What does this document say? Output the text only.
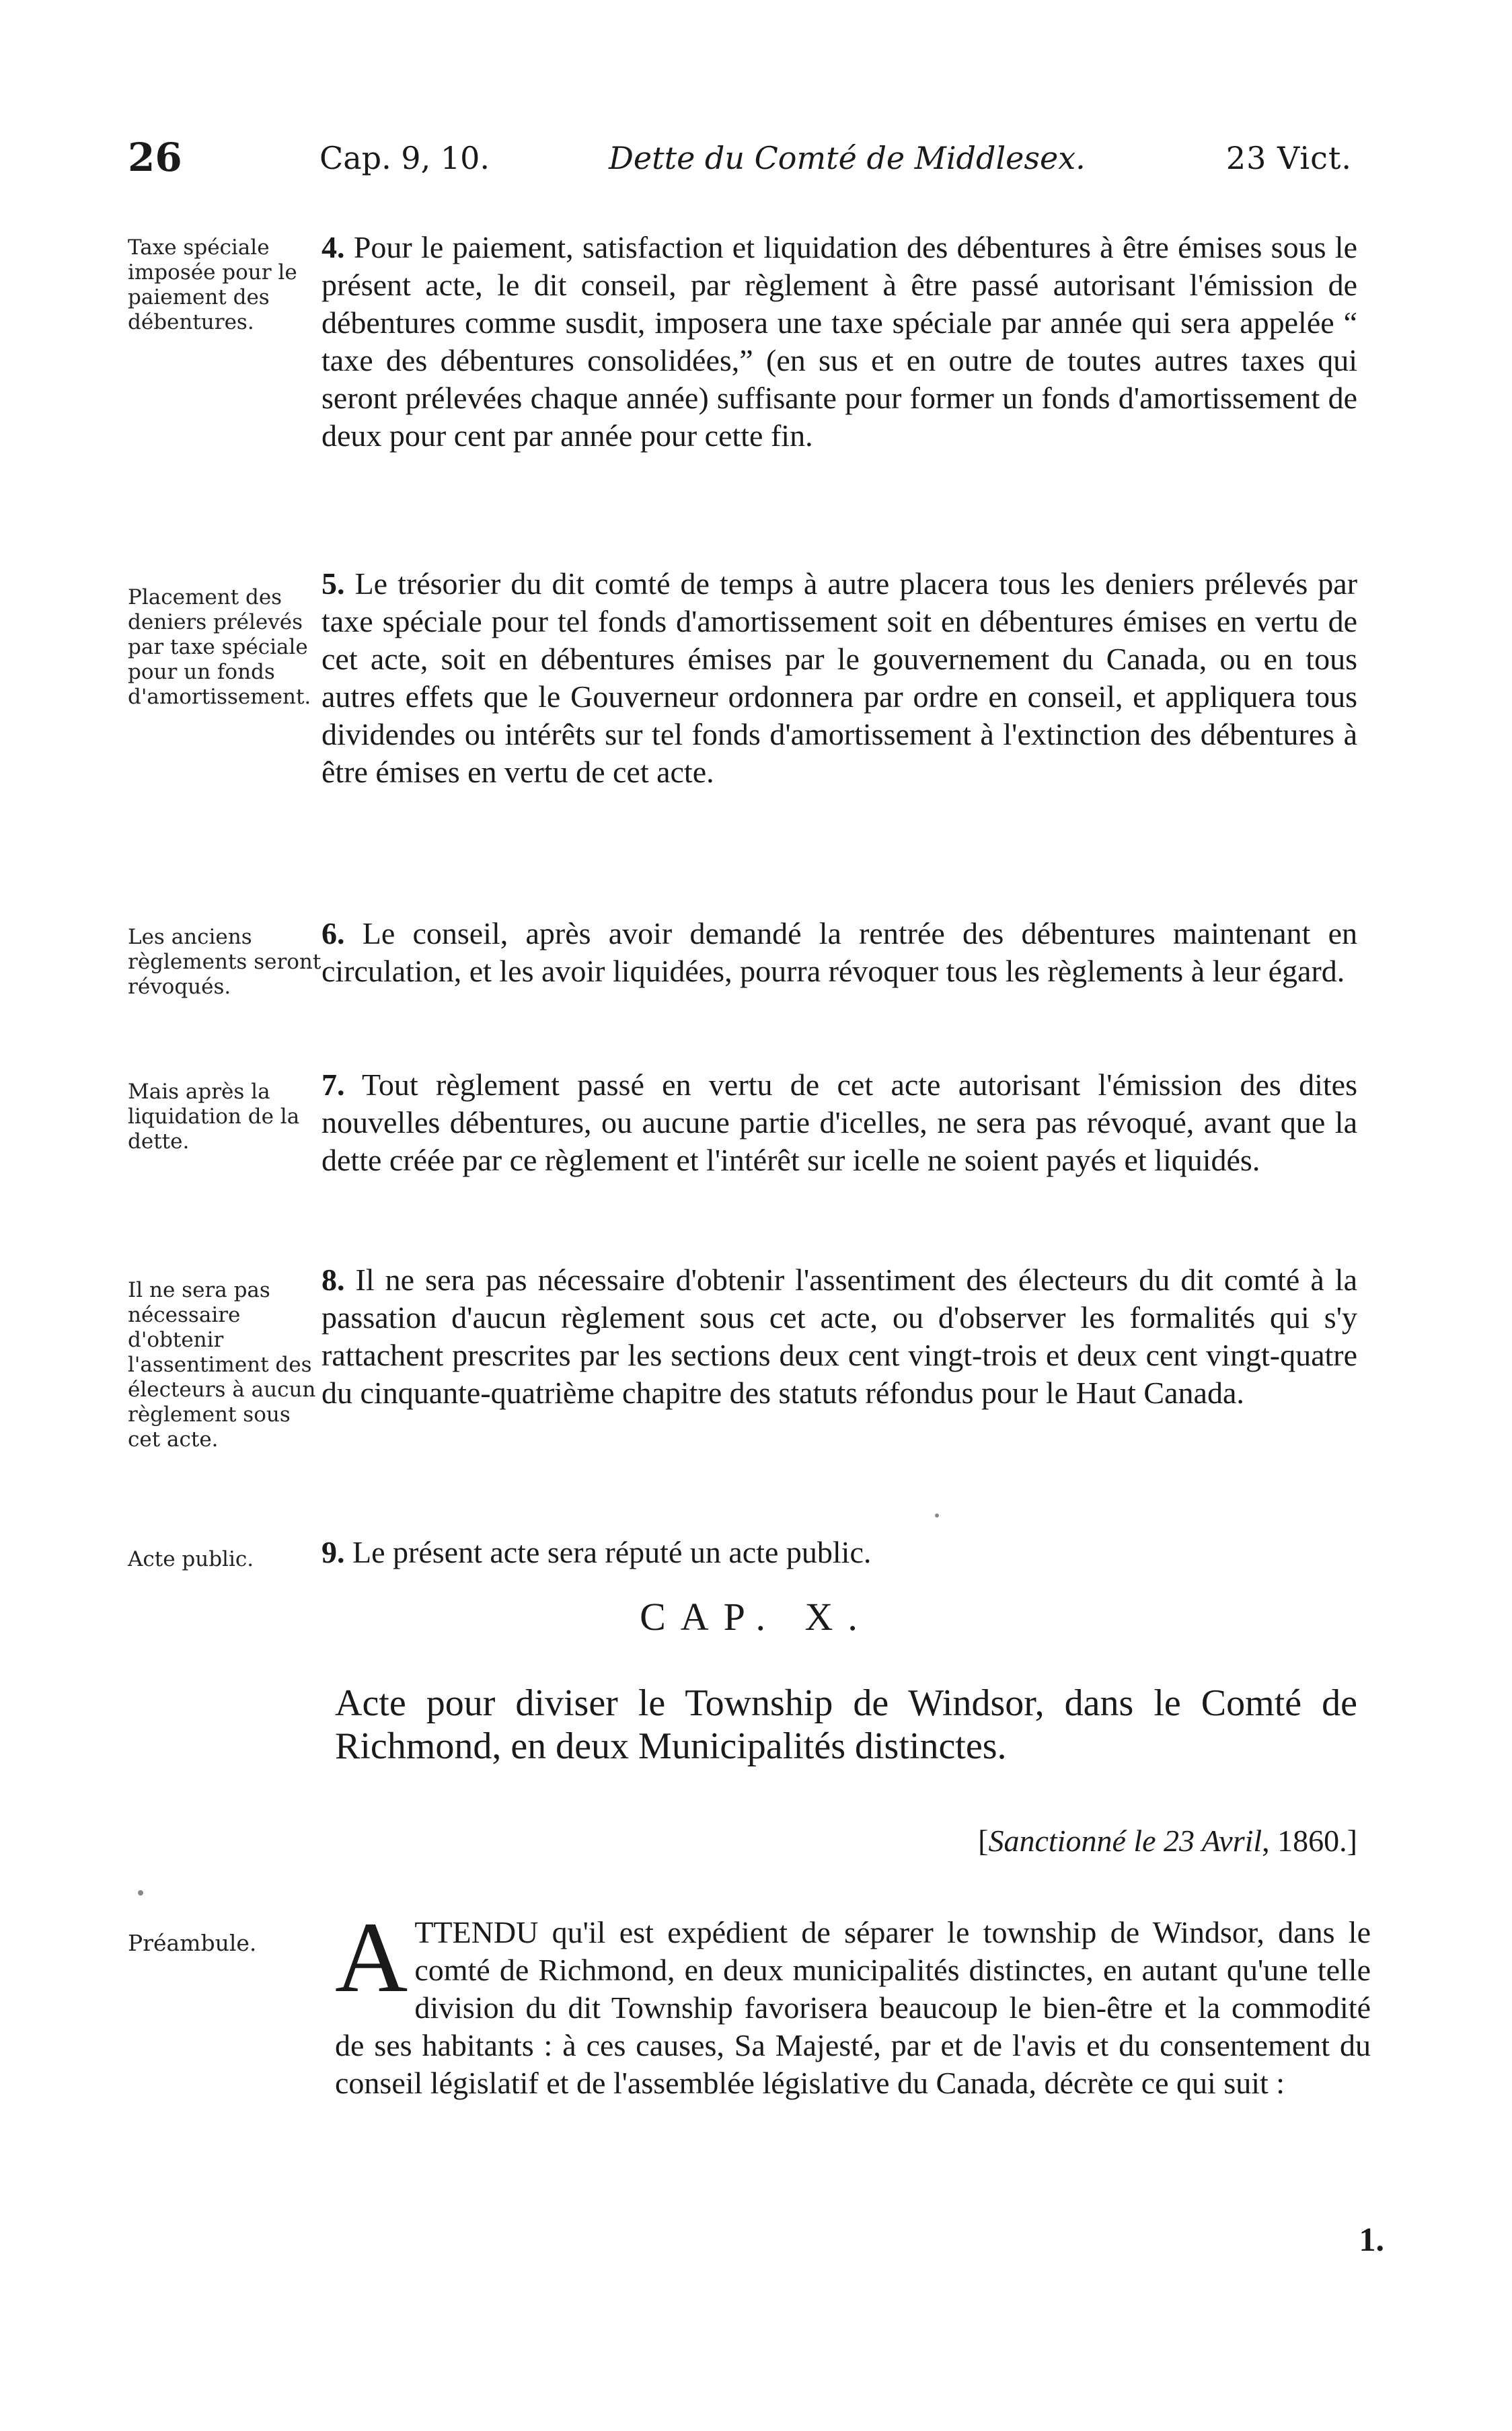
26	Cap. 9, 10.	Dette du Comté de Middlesex.	23 Vict.
Taxe spéciale imposée pour le paiement des débentures.
4. Pour le paiement, satisfaction et liquidation des débentures à être émises sous le présent acte, le dit conseil, par règlement à être passé autorisant l'émission de débentures comme susdit, imposera une taxe spéciale par année qui sera appelée “ taxe des débentures consolidées,” (en sus et en outre de toutes autres taxes qui seront prélevées chaque année) suffisante pour former un fonds d'amortissement de deux pour cent par année pour cette fin.
Placement des deniers prélevés par taxe spéciale pour un fonds d'amortissement.
5. Le trésorier du dit comté de temps à autre placera tous les deniers prélevés par taxe spéciale pour tel fonds d'amortissement soit en débentures émises en vertu de cet acte, soit en débentures émises par le gouvernement du Canada, ou en tous autres effets que le Gouverneur ordonnera par ordre en conseil, et appliquera tous dividendes ou intérêts sur tel fonds d'amortissement à l'extinction des débentures à être émises en vertu de cet acte.
Les anciens règlements seront révoqués.
6. Le conseil, après avoir demandé la rentrée des débentures maintenant en circulation, et les avoir liquidées, pourra révoquer tous les règlements à leur égard.
Mais après la liquidation de la dette.
7. Tout règlement passé en vertu de cet acte autorisant l'émission des dites nouvelles débentures, ou aucune partie d'icelles, ne sera pas révoqué, avant que la dette créée par ce règlement et l'intérêt sur icelle ne soient payés et liquidés.
Il ne sera pas nécessaire d'obtenir l'assentiment des électeurs à aucun règlement sous cet acte.
8. Il ne sera pas nécessaire d'obtenir l'assentiment des électeurs du dit comté à la passation d'aucun règlement sous cet acte, ou d'observer les formalités qui s'y rattachent prescrites par les sections deux cent vingt-trois et deux cent vingt-quatre du cinquante-quatrième chapitre des statuts réfondus pour le Haut Canada.
Acte public.	9. Le présent acte sera réputé un acte public.
CAP. X.
Acte pour diviser le Township de Windsor, dans le Comté de Richmond, en deux Municipalités distinctes.
[Sanctionné le 23 Avril, 1860.]
Préambule. A TTENDU qu'il est expédient de séparer le township de Windsor, dans le comté de Richmond, en deux municipalités distinctes, en autant qu'une telle division du dit Township favorisera beaucoup le bien-être et la commodité de ses habitants : à ces causes, Sa Majesté, par et de l'avis et du consentement du conseil législatif et de l'assemblée législative du Canada, décrète ce qui suit :
1.
